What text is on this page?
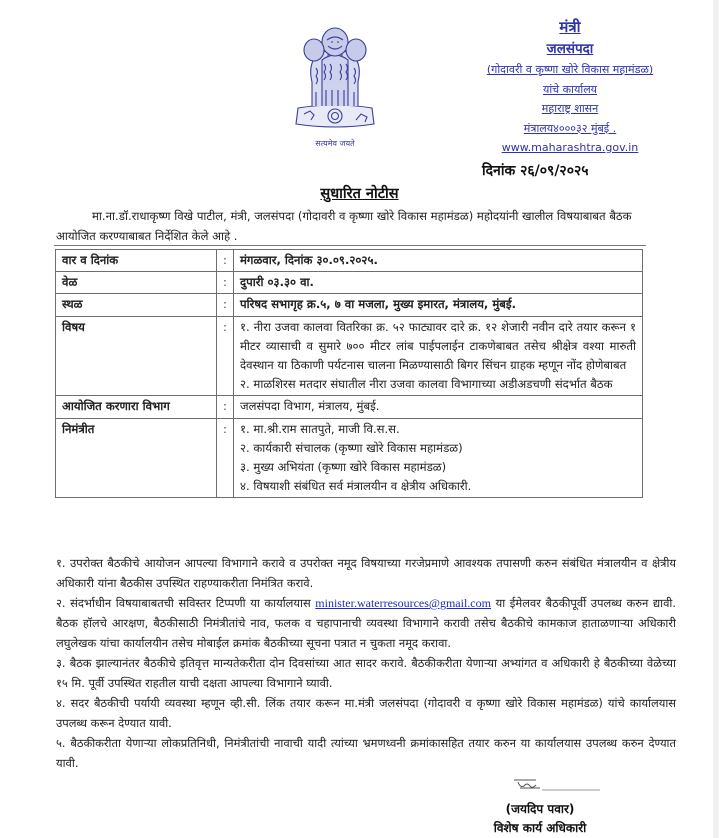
सत्यमेव जयते
मंत्री
जलसंपदा
(गोदावरी व कृष्णा खोरे विकास महामंडळ)
यांचे कार्यालय
महाराष्ट्र शासन
मंत्रालय४०००३२ मुंबई .
www.maharashtra.gov.in
दिनांक २६/०९/२०२५
सुधारित नोटीस

मा.ना.डॉ.राधाकृष्ण विखे पाटील, मंत्री, जलसंपदा (गोदावरी व कृष्णा खोरे विकास महामंडळ) महोदयांनी खालील विषयाबाबत बैठक आयोजित करण्याबाबत निर्देशित केले आहे .

वार व दिनांक	:	मंगळवार, दिनांक ३०.०९.२०२५.
वेळ	:	दुपारी ०३.३० वा.
स्थळ	:	परिषद सभागृह क्र.५, ७ वा मजला, मुख्य इमारत, मंत्रालय, मुंबई.
विषय	:	१. नीरा उजवा कालवा वितरिका क्र. ५२ फाट्यावर दारे क्र. १२ शेजारी नवीन दारे तयार करून १ मीटर व्यासाची व सुमारे ७०० मीटर लांब पाईपलाईन टाकणेबाबत तसेच श्रीक्षेत्र वश्या मारुती देवस्थान या ठिकाणी पर्यटनास चालना मिळण्यासाठी बिगर सिंचन ग्राहक म्हणून नोंद होणेबाबत
२. माळशिरस मतदार संघातील नीरा उजवा कालवा विभागाच्या अडीअडचणी संदर्भात बैठक

आयोजित करणारा विभाग	:	जलसंपदा विभाग, मंत्रालय, मुंबई.
निमंत्रीत	:	१. मा.श्री.राम सातपुते, माजी वि.स.स.
२. कार्यकारी संचालक (कृष्णा खोरे विकास महामंडळ)
३. मुख्य अभियंता (कृष्णा खोरे विकास महामंडळ)
४. विषयाशी संबंधित सर्व मंत्रालयीन व क्षेत्रीय अधिकारी.

१. उपरोक्त बैठकीचे आयोजन आपल्या विभागाने करावे व उपरोक्त नमूद विषयाच्या गरजेप्रमाणे आवश्यक तपासणी करुन संबंधित मंत्रालयीन व क्षेत्रीय अधिकारी यांना बैठकीस उपस्थित राहण्याकरीता निमंत्रित करावे.

२. संदर्भाधीन विषयाबाबतची सविस्तर टिप्पणी या कार्यालयास minister.waterresources@gmail.com या ईमेलवर बैठकीपूर्वी उपलब्ध करुन द्यावी. बैठक हॉलचे आरक्षण, बैठकीसाठी निमंत्रीतांचे नाव, फलक व चहापानाची व्यवस्था विभागाने करावी तसेच बैठकीचे कामकाज हाताळणाऱ्या अधिकारी लघुलेखक यांचा कार्यालयीन तसेच मोबाईल क्रमांक बैठकीच्या सूचना पत्रात न चुकता नमूद करावा.

३. बैठक झाल्यानंतर बैठकीचे इतिवृत्त मान्यतेकरीता दोन दिवसांच्या आत सादर करावे. बैठकीकरीता येणाऱ्या अभ्यांगत व अधिकारी हे बैठकीच्या वेळेच्या १५ मि. पूर्वी उपस्थित राहतील याची दक्षता आपल्या विभागाने घ्यावी.

४. सदर बैठकीची पर्यायी व्यवस्था म्हणून व्ही.सी. लिंक तयार करून मा.मंत्री जलसंपदा (गोदावरी व कृष्णा खोरे विकास महामंडळ) यांचे कार्यालयास उपलब्ध करून देण्यात यावी.

५. बैठकीकरीता येणाऱ्या लोकप्रतिनिधी, निमंत्रीतांची नावाची यादी त्यांच्या भ्रमणध्वनी क्रमांकासहित तयार करुन या कार्यालयास उपलब्ध करुन देण्यात यावी.

(जयदिप पवार)
विशेष कार्य अधिकारी
